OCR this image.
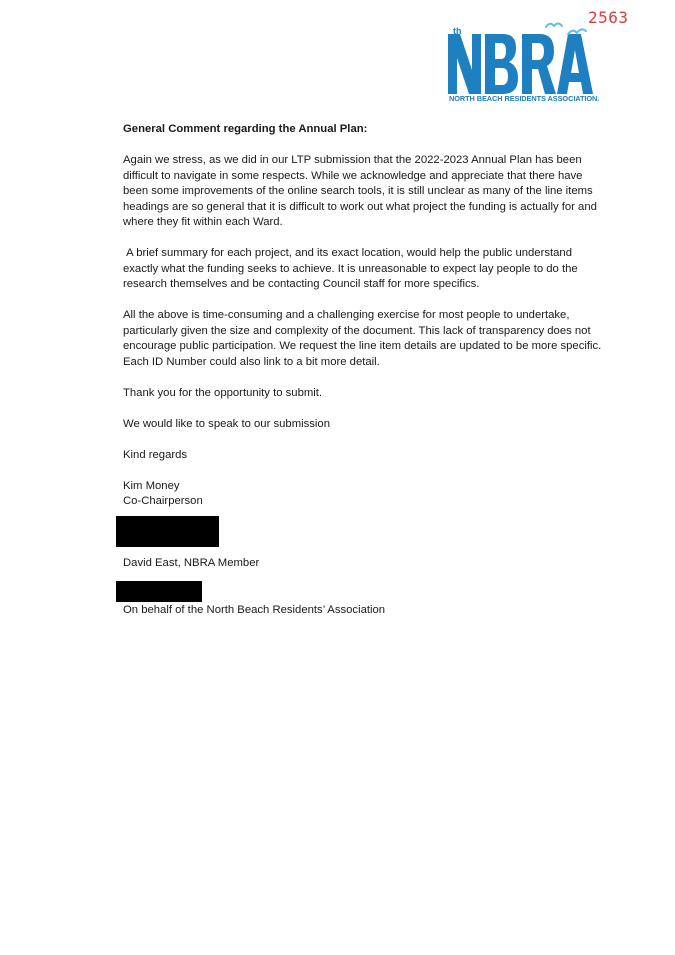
2563
th
NORTH BEACH RESIDENTS ASSOCIATION.

General Comment regarding the Annual Plan:

Again we stress, as we did in our LTP submission that the 2022-2023 Annual Plan has been difficult to navigate in some respects. While we acknowledge and appreciate that there have been some improvements of the online search tools, it is still unclear as many of the line items headings are so general that it is difficult to work out what project the funding is actually for and where they fit within each Ward.

A brief summary for each project, and its exact location, would help the public understand exactly what the funding seeks to achieve. It is unreasonable to expect lay people to do the research themselves and be contacting Council staff for more specifics.

All the above is time-consuming and a challenging exercise for most people to undertake, particularly given the size and complexity of the document. This lack of transparency does not encourage public participation. We request the line item details are updated to be more specific. Each ID Number could also link to a bit more detail.

Thank you for the opportunity to submit.

We would like to speak to our submission

Kind regards

Kim Money

Co-Chairperson

David East, NBRA Member
On behalf of the North Beach Residents’ Association
